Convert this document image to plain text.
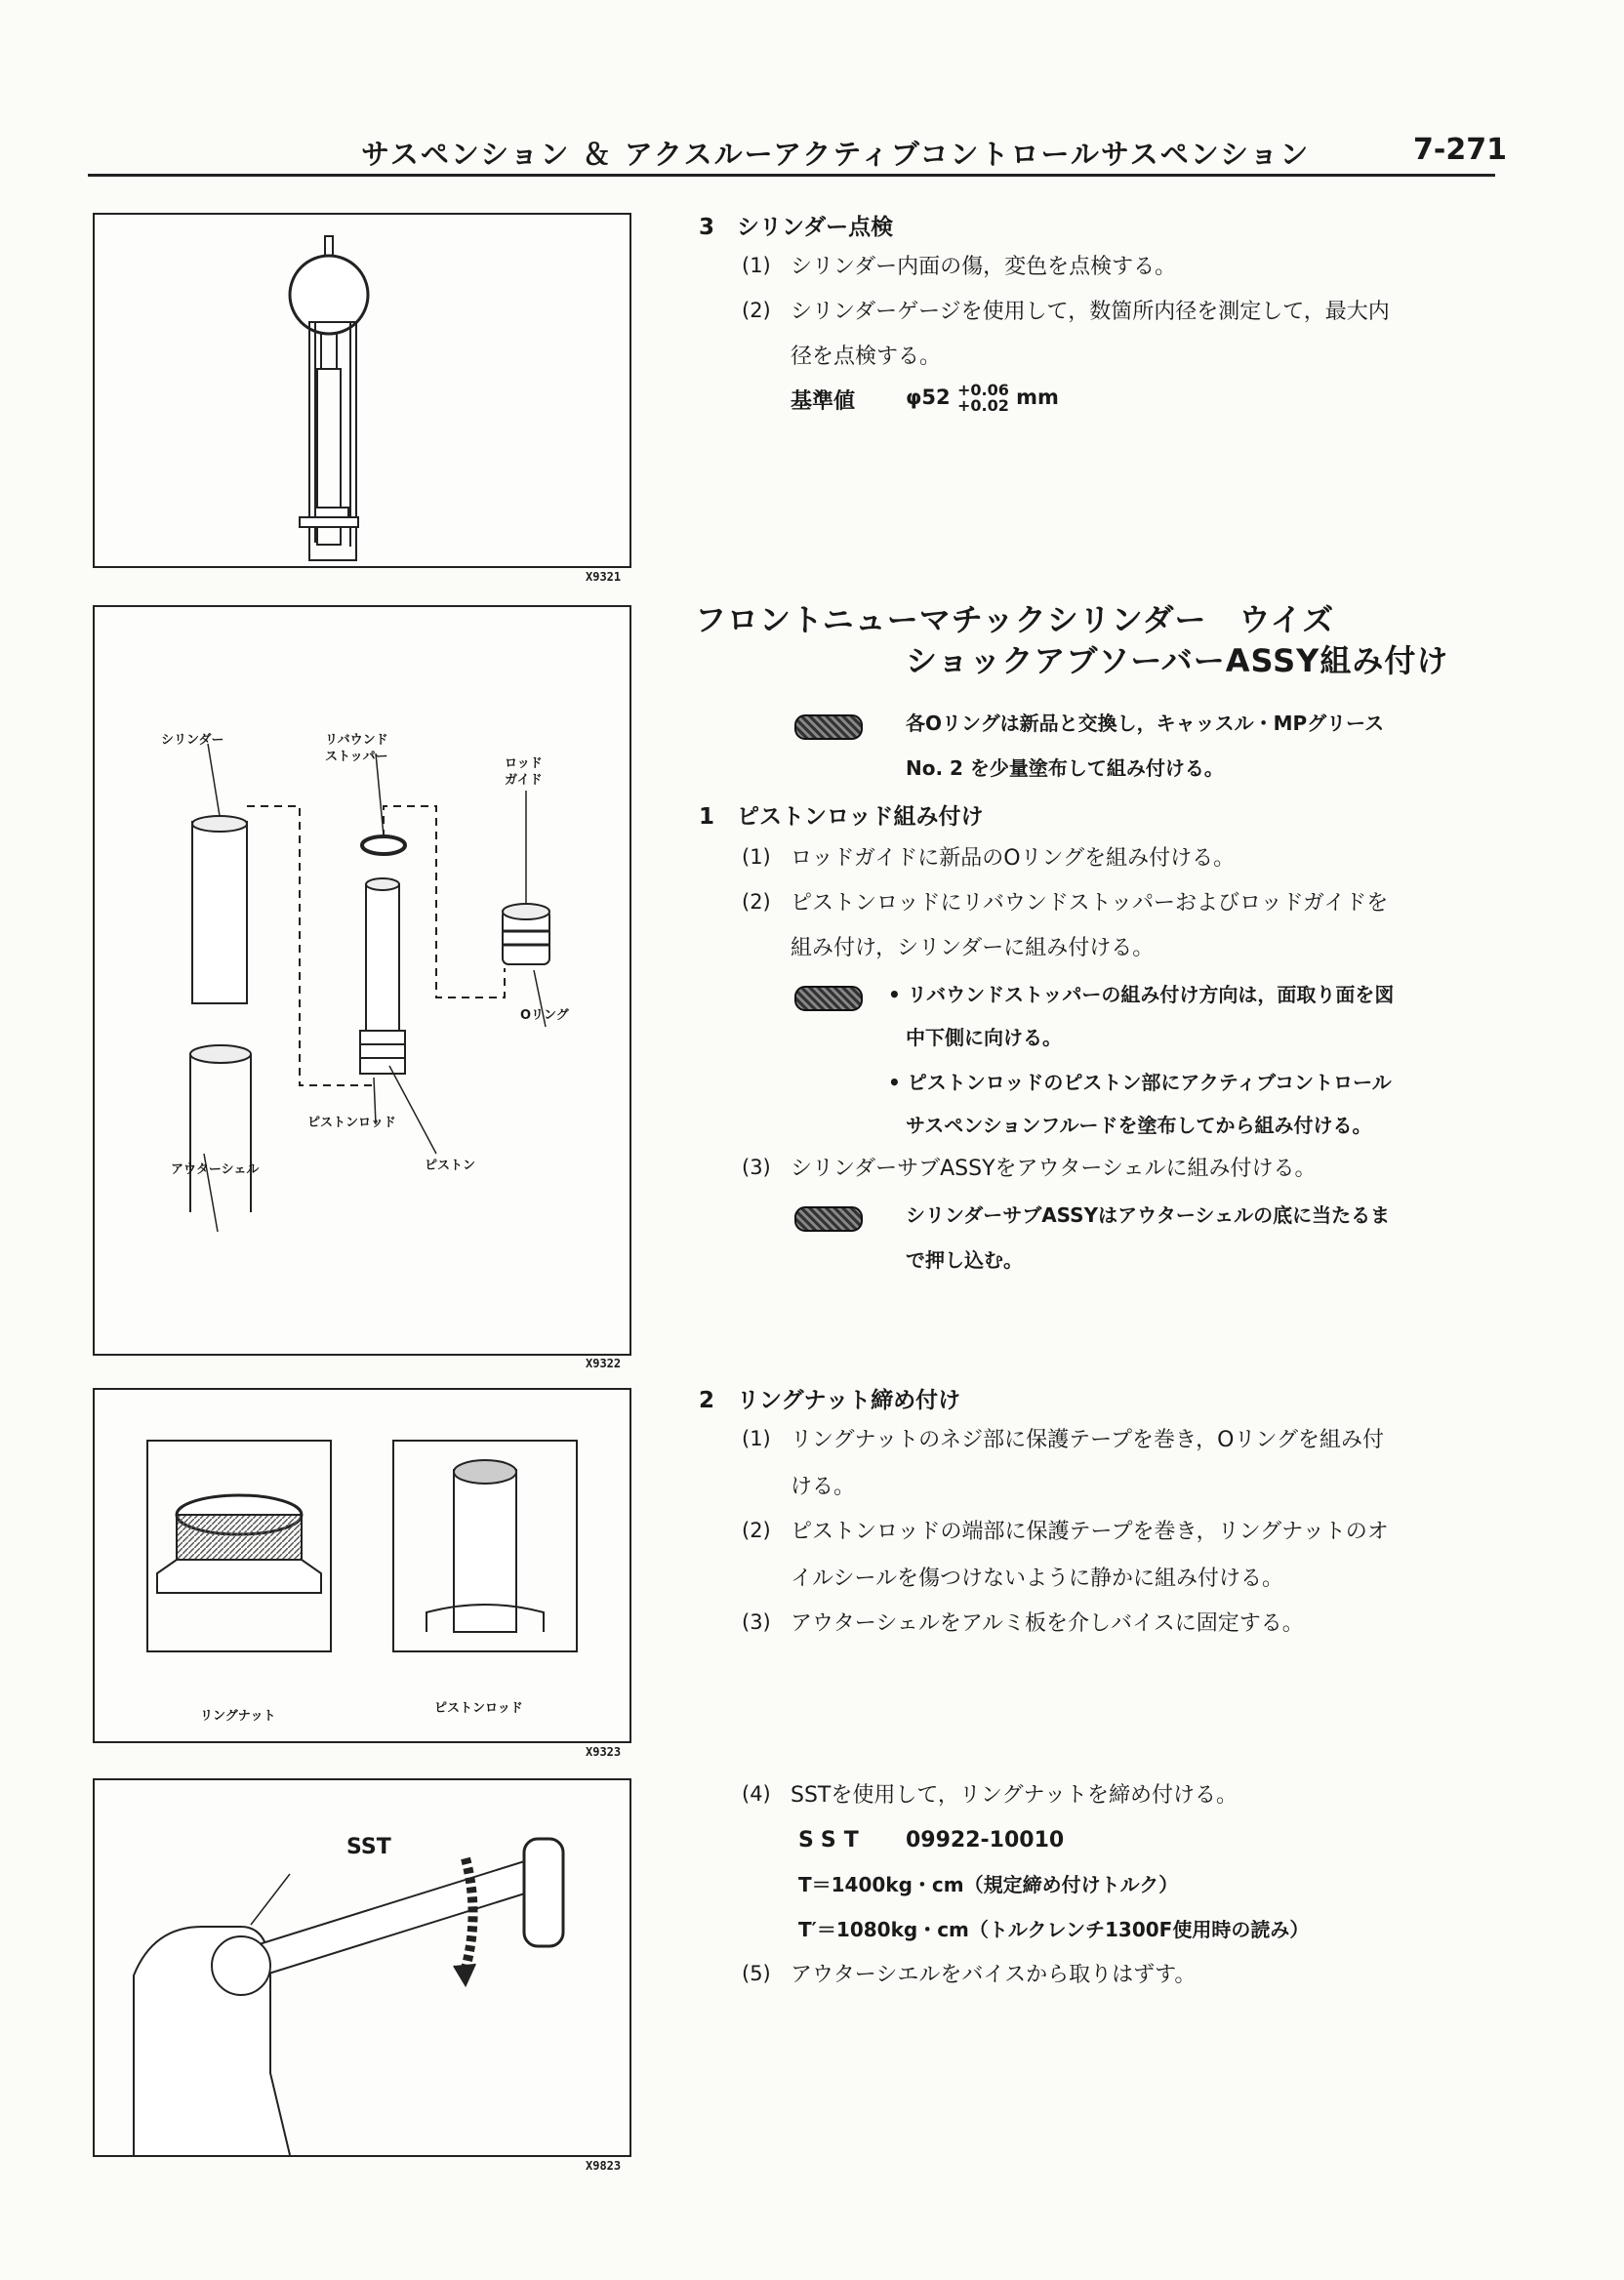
サスペンション ＆ アクスルーアクティブコントロールサスペンション	7-271
X9321
シリンダー	リバウンド
ストッパー	ロッド
ガイド
Oリング
ピストンロッド
アウターシェル	ピストン
X9322
リングナット
ピストンロッド
X9323
SST
X9823
3　シリンダー点検
(1) シリンダー内面の傷，変色を点検する。
(2) シリンダーゲージを使用して，数箇所内径を測定して，最大内
径を点検する。
基準値 φ52 +0.06
+0.02 mm
フロントニューマチックシリンダー　ウイズ
ショックアブソーバーASSY組み付け
各Oリングは新品と交換し，キャッスル・MPグリース
No. 2 を少量塗布して組み付ける。
1　ピストンロッド組み付け
(1) ロッドガイドに新品のOリングを組み付ける。
(2) ピストンロッドにリバウンドストッパーおよびロッドガイドを
組み付け，シリンダーに組み付ける。
• リバウンドストッパーの組み付け方向は，面取り面を図
中下側に向ける。
• ピストンロッドのピストン部にアクティブコントロール
サスペンションフルードを塗布してから組み付ける。
(3) シリンダーサブASSYをアウターシェルに組み付ける。
シリンダーサブASSYはアウターシェルの底に当たるま
で押し込む。
2　リングナット締め付け
(1) リングナットのネジ部に保護テープを巻き，Oリングを組み付
ける。
(2) ピストンロッドの端部に保護テープを巻き，リングナットのオ
イルシールを傷つけないように静かに組み付ける。
(3) アウターシェルをアルミ板を介しバイスに固定する。
(4) SSTを使用して，リングナットを締め付ける。
SST 09922-10010
T＝1400kg・cm（規定締め付けトルク）
T′＝1080kg・cm（トルクレンチ1300F使用時の読み）
(5) アウターシエルをバイスから取りはずす。
